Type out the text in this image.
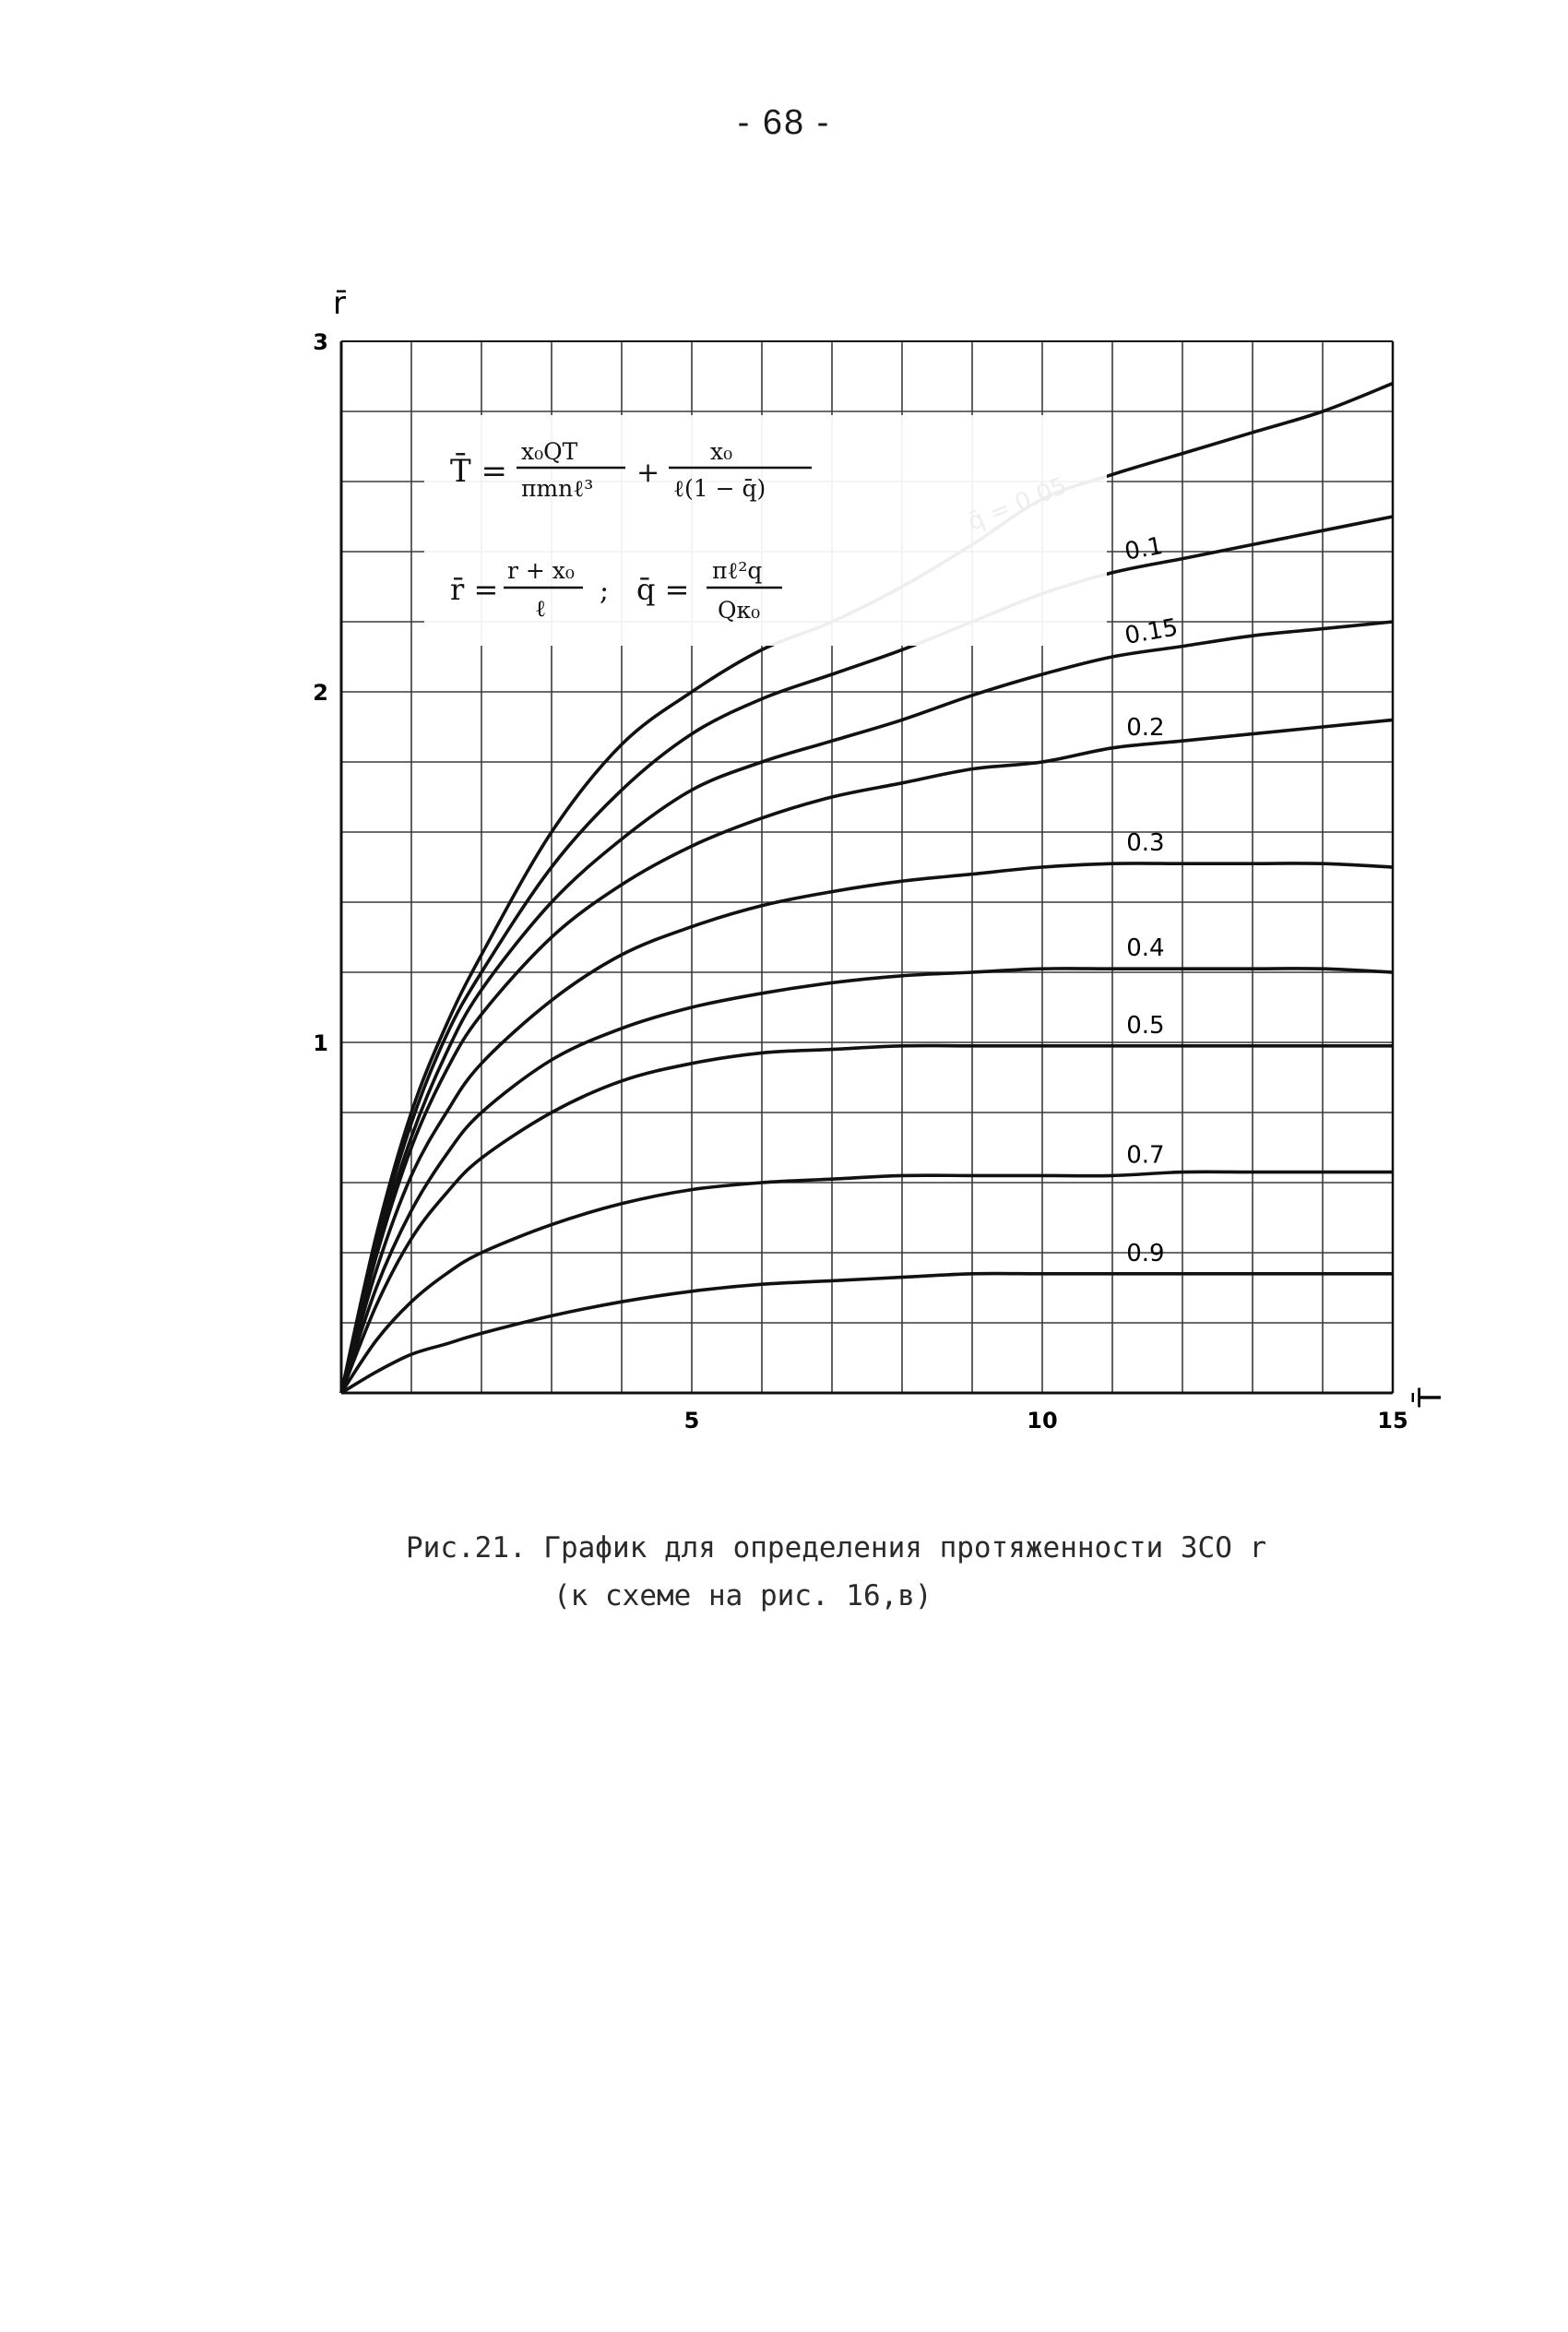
- 68 -
5	10	15
1
2
3
0.1
0.15
0.2
0.3
0.4
0.5
0.7
0.9
r̄
T̄
T̄ =
x₀QT
πmnℓ³ +
x₀
ℓ(1 − q̄)
r̄ =
r + x₀
ℓ
; q̄ =
πℓ²q
Qκ₀
Рис.21. График для определения протяженности ЗСО r
(к схеме на рис. 16,в)
